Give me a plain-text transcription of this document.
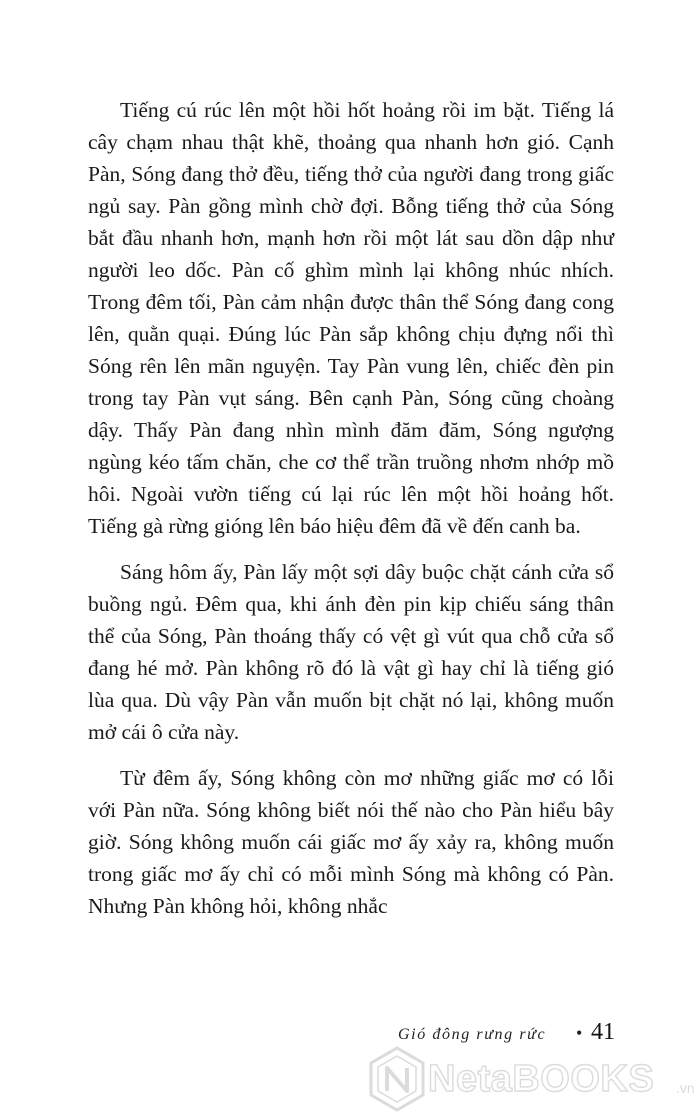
Tiếng cú rúc lên một hồi hốt hoảng rồi im bặt. Tiếng lá cây chạm nhau thật khẽ, thoảng qua nhanh hơn gió. Cạnh Pàn, Sóng đang thở đều, tiếng thở của người đang trong giấc ngủ say. Pàn gồng mình chờ đợi. Bỗng tiếng thở của Sóng bắt đầu nhanh hơn, mạnh hơn rồi một lát sau dồn dập như người leo dốc. Pàn cố ghìm mình lại không nhúc nhích. Trong đêm tối, Pàn cảm nhận được thân thể Sóng đang cong lên, quằn quại. Đúng lúc Pàn sắp không chịu đựng nổi thì Sóng rên lên mãn nguyện. Tay Pàn vung lên, chiếc đèn pin trong tay Pàn vụt sáng. Bên cạnh Pàn, Sóng cũng choàng dậy. Thấy Pàn đang nhìn mình đăm đăm, Sóng ngượng ngùng kéo tấm chăn, che cơ thể trần truồng nhơm nhớp mồ hôi. Ngoài vườn tiếng cú lại rúc lên một hồi hoảng hốt. Tiếng gà rừng gióng lên báo hiệu đêm đã về đến canh ba.

Sáng hôm ấy, Pàn lấy một sợi dây buộc chặt cánh cửa sổ buồng ngủ. Đêm qua, khi ánh đèn pin kịp chiếu sáng thân thể của Sóng, Pàn thoáng thấy có vệt gì vút qua chỗ cửa sổ đang hé mở. Pàn không rõ đó là vật gì hay chỉ là tiếng gió lùa qua. Dù vậy Pàn vẫn muốn bịt chặt nó lại, không muốn mở cái ô cửa này.

Từ đêm ấy, Sóng không còn mơ những giấc mơ có lỗi với Pàn nữa. Sóng không biết nói thế nào cho Pàn hiểu bây giờ. Sóng không muốn cái giấc mơ ấy xảy ra, không muốn trong giấc mơ ấy chỉ có mỗi mình Sóng mà không có Pàn. Nhưng Pàn không hỏi, không nhắc

Gió đông rưng rức • 41
NetaBOOKS .vn
